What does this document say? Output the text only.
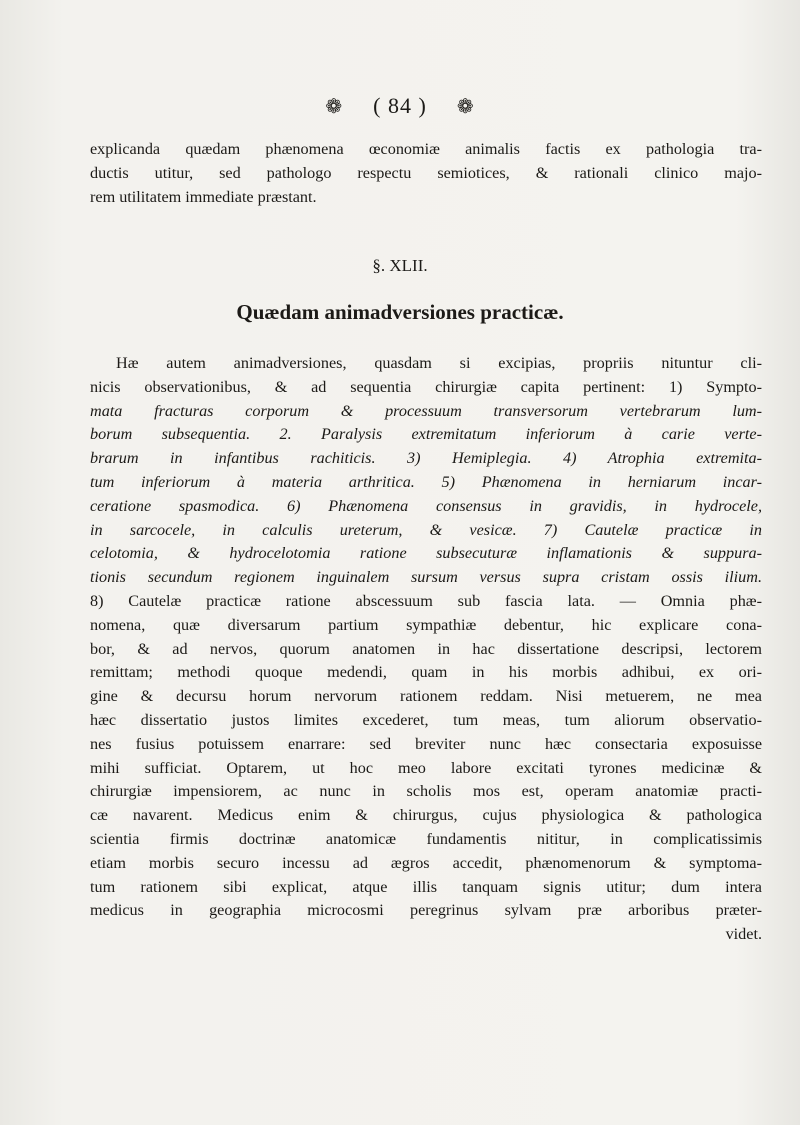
❁ ( 84 ) ❁
explicanda quædam phænomena œconomiæ animalis factis ex pathologia tra-
ductis utitur, sed pathologo respectu semiotices, & rationali clinico majo-
rem utilitatem immediate præstant.
§. XLII.
Quædam animadversiones practicæ.
Hæ autem animadversiones, quasdam si excipias, propriis nituntur cli-
nicis observationibus, & ad sequentia chirurgiæ capita pertinent: 1) Sympto-
mata fracturas corporum & processuum transversorum vertebrarum lum-
borum subsequentia. 2. Paralysis extremitatum inferiorum à carie verte-
brarum in infantibus rachiticis. 3) Hemiplegia. 4) Atrophia extremita-
tum inferiorum à materia arthritica. 5) Phænomena in herniarum incar-
ceratione spasmodica. 6) Phænomena consensus in gravidis, in hydrocele,
in sarcocele, in calculis ureterum, & vesicæ. 7) Cautelæ practicæ in
celotomia, & hydrocelotomia ratione subsecuturæ inflamationis & suppura-
tionis secundum regionem inguinalem sursum versus supra cristam ossis ilium.
8) Cautelæ practicæ ratione abscessuum sub fascia lata. — Omnia phæ-
nomena, quæ diversarum partium sympathiæ debentur, hic explicare cona-
bor, & ad nervos, quorum anatomen in hac dissertatione descripsi, lectorem
remittam; methodi quoque medendi, quam in his morbis adhibui, ex ori-
gine & decursu horum nervorum rationem reddam. Nisi metuerem, ne mea
hæc dissertatio justos limites excederet, tum meas, tum aliorum observatio-
nes fusius potuissem enarrare: sed breviter nunc hæc consectaria exposuisse
mihi sufficiat. Optarem, ut hoc meo labore excitati tyrones medicinæ &
chirurgiæ impensiorem, ac nunc in scholis mos est, operam anatomiæ practi-
cæ navarent. Medicus enim & chirurgus, cujus physiologica & pathologica
scientia firmis doctrinæ anatomicæ fundamentis nititur, in complicatissimis
etiam morbis securo incessu ad ægros accedit, phænomenorum & symptoma-
tum rationem sibi explicat, atque illis tanquam signis utitur; dum intera
medicus in geographia microcosmi peregrinus sylvam præ arboribus præter-
videt.
